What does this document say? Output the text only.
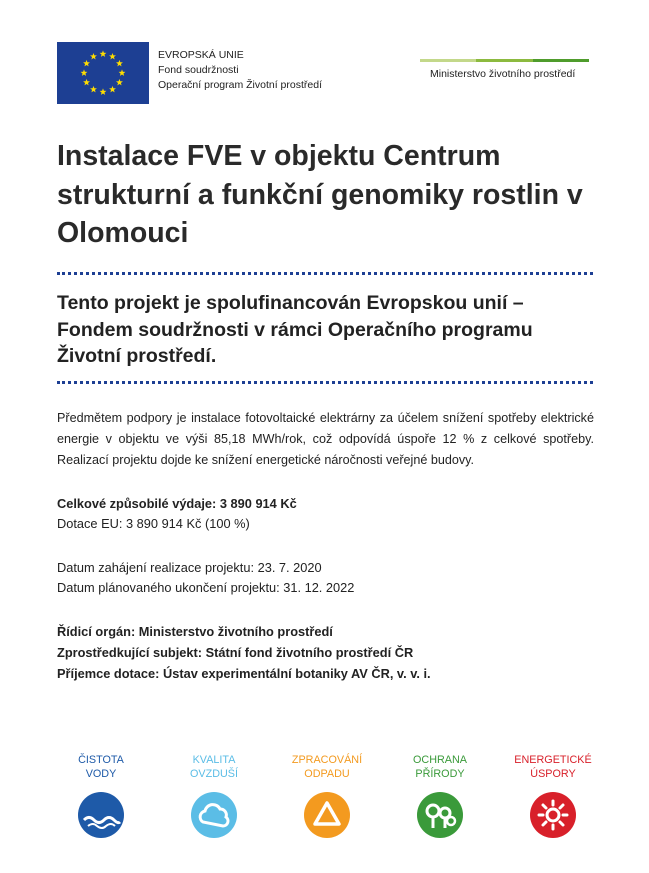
EVROPSKÁ UNIE
Fond soudržnosti
Operační program Životní prostředí
Ministerstvo životního prostředí
Instalace FVE v objektu Centrum strukturní a funkční genomiky rostlin v Olomouci
Tento projekt je spolufinancován Evropskou unií – Fondem soudržnosti v rámci Operačního programu Životní prostředí.

Předmětem podpory je instalace fotovoltaické elektrárny za účelem snížení spotřeby elektrické energie v objektu ve výši 85,18 MWh/rok, což odpovídá úspoře 12 % z celkové spotřeby. Realizací projektu dojde ke snížení energetické náročnosti veřejné budovy.

Celkové způsobilé výdaje: 3 890 914 Kč
Dotace EU: 3 890 914 Kč (100 %)
Datum zahájení realizace projektu: 23. 7. 2020
Datum plánovaného ukončení projektu: 31. 12. 2022
Řídicí orgán: Ministerstvo životního prostředí
Zprostředkující subjekt: Státní fond životního prostředí ČR
Příjemce dotace: Ústav experimentální botaniky AV ČR, v. v. i.
ČISTOTA
VODY
KVALITA
OVZDUŠÍ
ZPRACOVÁNÍ
ODPADU
OCHRANA
PŘÍRODY
ENERGETICKÉ
ÚSPORY
